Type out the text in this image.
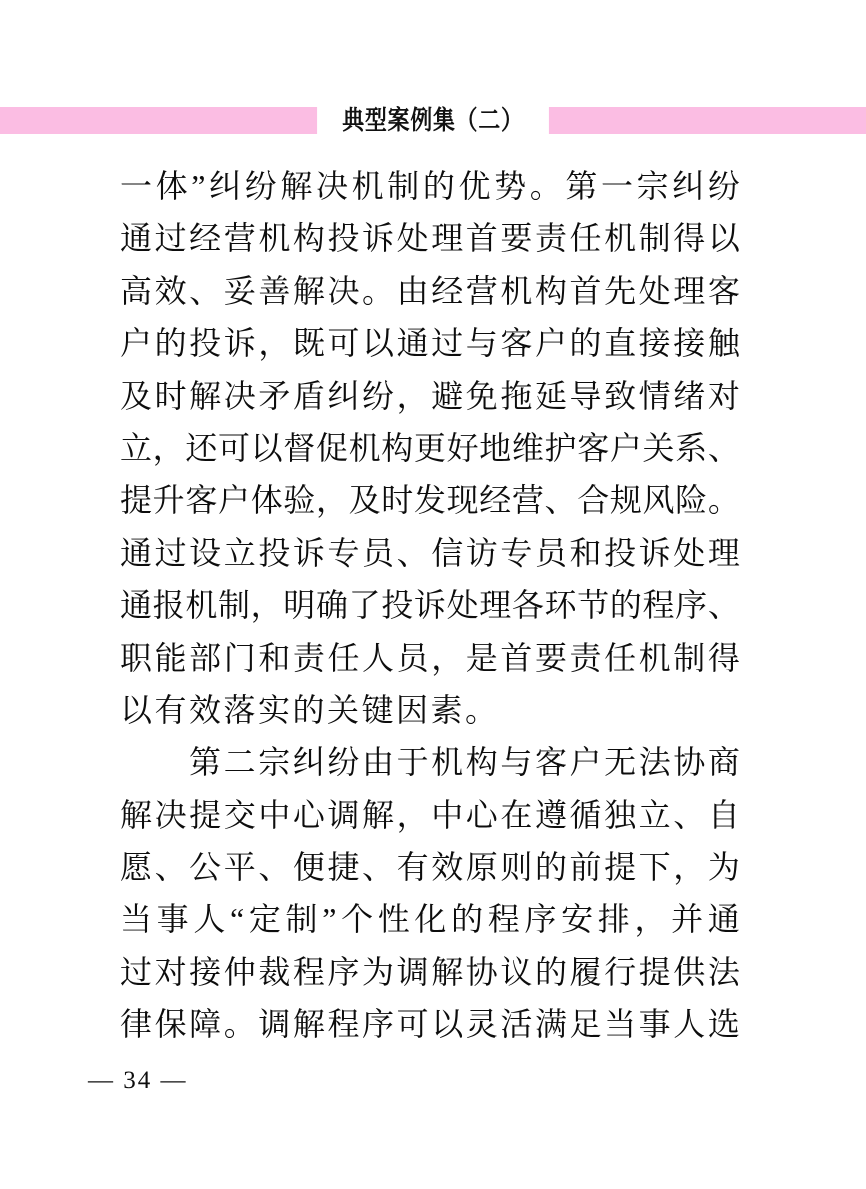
典型案例集（二）
一 体 ” 纠 纷 解 决 机 制 的 优 势 。 第 一 宗 纠 纷
通 过 经 营 机 构 投 诉 处 理 首 要 责 任 机 制 得 以
高 效 、 妥 善 解 决 。 由 经 营 机 构 首 先 处 理 客
户 的 投 诉 ， 既 可 以 通 过 与 客 户 的 直 接 接 触
及 时 解 决 矛 盾 纠 纷 ， 避 免 拖 延 导 致 情 绪 对
立 ， 还 可 以 督 促 机 构 更 好 地 维 护 客 户 关 系 、
提 升 客 户 体 验 ， 及 时 发 现 经 营 、 合 规 风 险 。
通 过 设 立 投 诉 专 员 、 信 访 专 员 和 投 诉 处 理
通 报 机 制 ， 明 确 了 投 诉 处 理 各 环 节 的 程 序 、
职 能 部 门 和 责 任 人 员 ， 是 首 要 责 任 机 制 得
以有效落实的关键因素。
第 二 宗 纠 纷 由 于 机 构 与 客 户 无 法 协 商
解 决 提 交 中 心 调 解 ， 中 心 在 遵 循 独 立 、 自
愿 、 公 平 、 便 捷 、 有 效 原 则 的 前 提 下 ， 为
当 事 人 “ 定 制 ” 个 性 化 的 程 序 安 排 ， 并 通
过 对 接 仲 裁 程 序 为 调 解 协 议 的 履 行 提 供 法
律 保 障 。 调 解 程 序 可 以 灵 活 满 足 当 事 人 选
— 34 —
